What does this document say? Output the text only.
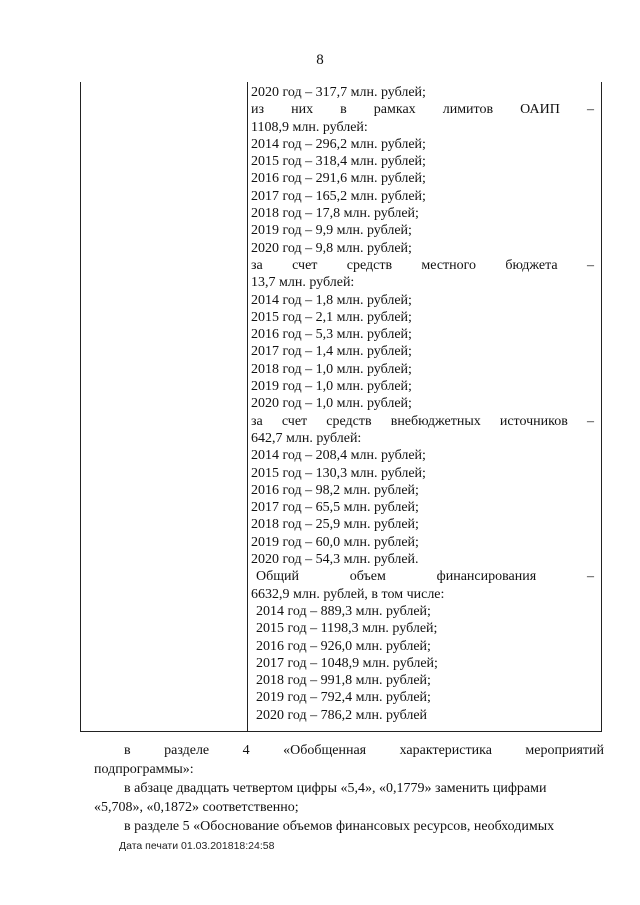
8
2020 год – 317,7 млн. рублей;
из них в рамках лимитов ОАИП –
1108,9 млн. рублей:
2014 год – 296,2 млн. рублей;
2015 год – 318,4 млн. рублей;
2016 год – 291,6 млн. рублей;
2017 год – 165,2 млн. рублей;
2018 год – 17,8 млн. рублей;
2019 год – 9,9 млн. рублей;
2020 год – 9,8 млн. рублей;
за счет средств местного бюджета –
13,7 млн. рублей:
2014 год – 1,8 млн. рублей;
2015 год – 2,1 млн. рублей;
2016 год – 5,3 млн. рублей;
2017 год – 1,4 млн. рублей;
2018 год – 1,0 млн. рублей;
2019 год – 1,0 млн. рублей;
2020 год – 1,0 млн. рублей;
за счет средств внебюджетных источников –
642,7 млн. рублей:
2014 год – 208,4 млн. рублей;
2015 год – 130,3 млн. рублей;
2016 год – 98,2 млн. рублей;
2017 год – 65,5 млн. рублей;
2018 год – 25,9 млн. рублей;
2019 год – 60,0 млн. рублей;
2020 год – 54,3 млн. рублей.
Общий	объем	финансирования	–
6632,9 млн. рублей, в том числе:
2014 год – 889,3 млн. рублей;
2015 год – 1198,3 млн. рублей;
2016 год – 926,0 млн. рублей;
2017 год – 1048,9 млн. рублей;
2018 год – 991,8 млн. рублей;
2019 год – 792,4 млн. рублей;
2020 год – 786,2 млн. рублей
в разделе 4 «Обобщенная характеристика мероприятий
подпрограммы»:
в абзаце двадцать четвертом цифры «5,4», «0,1779» заменить цифрами
«5,708», «0,1872» соответственно;
в разделе 5 «Обоснование объемов финансовых ресурсов, необходимых
Дата печати 01.03.201818:24:58
